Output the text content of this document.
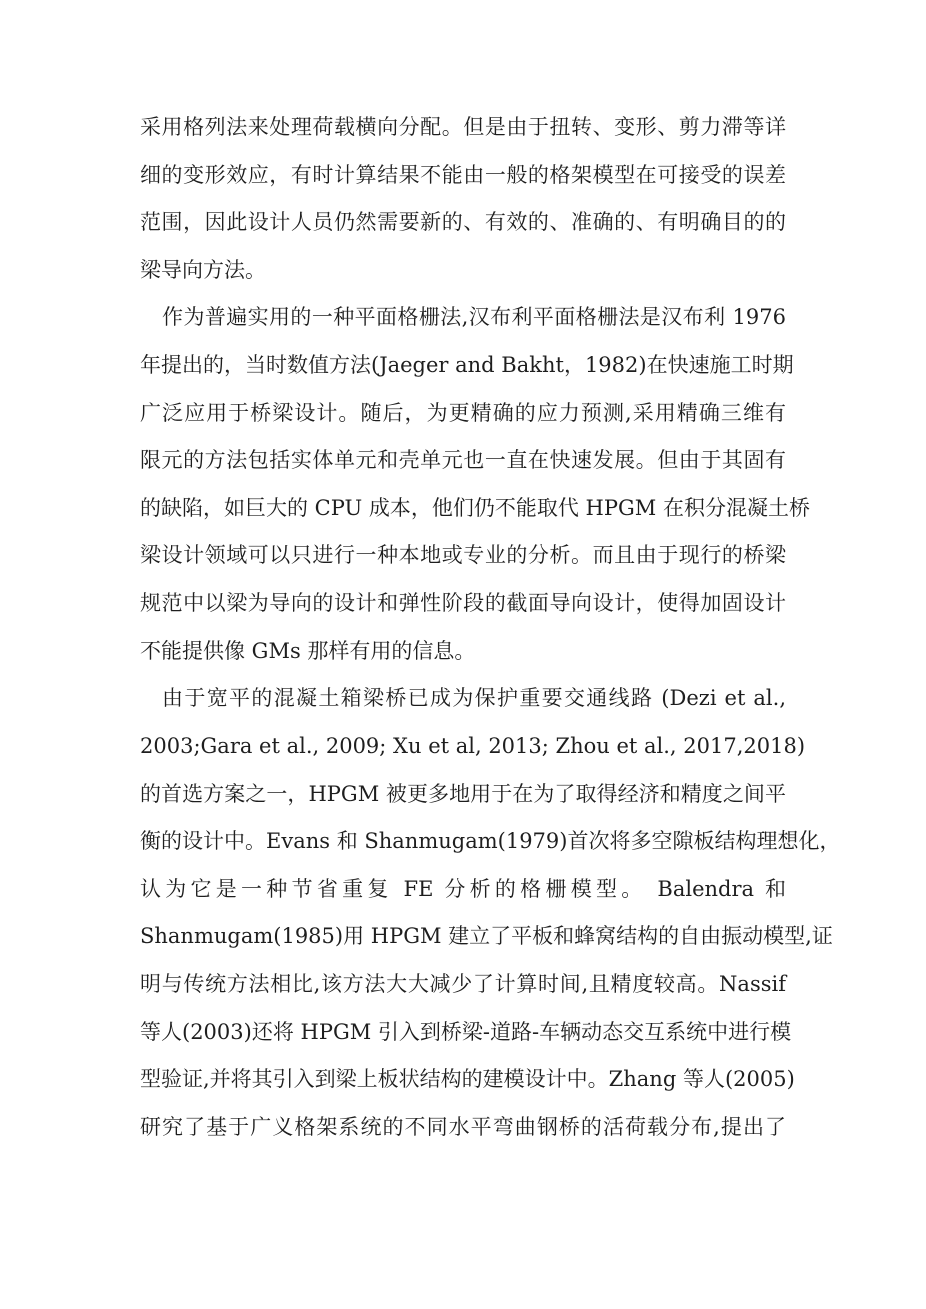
采用格列法来处理荷载横向分配。但是由于扭转、变形、剪力滞等详
细的变形效应，有时计算结果不能由一般的格架模型在可接受的误差
范围，因此设计人员仍然需要新的、有效的、准确的、有明确目的的
梁导向方法。
作为普遍实用的一种平面格栅法,汉布利平面格栅法是汉布利 1976
年提出的，当时数值方法(Jaeger and Bakht，1982)在快速施工时期
广泛应用于桥梁设计。随后，为更精确的应力预测,采用精确三维有
限元的方法包括实体单元和壳单元也一直在快速发展。但由于其固有
的缺陷，如巨大的 CPU 成本，他们仍不能取代 HPGM 在积分混凝土桥
梁设计领域可以只进行一种本地或专业的分析。而且由于现行的桥梁
规范中以梁为导向的设计和弹性阶段的截面导向设计，使得加固设计
不能提供像 GMs 那样有用的信息。
由于宽平的混凝土箱梁桥已成为保护重要交通线路 (Dezi et al.,
2003;Gara et al., 2009; Xu et al, 2013; Zhou et al., 2017,2018)
的首选方案之一，HPGM 被更多地用于在为了取得经济和精度之间平
衡的设计中。Evans 和 Shanmugam(1979)首次将多空隙板结构理想化，
认为它是一种节省重复 FE 分析的格栅模型。 Balendra 和
Shanmugam(1985)用 HPGM 建立了平板和蜂窝结构的自由振动模型,证
明与传统方法相比,该方法大大减少了计算时间,且精度较高。Nassif
等人(2003)还将 HPGM 引入到桥梁-道路-车辆动态交互系统中进行模
型验证,并将其引入到梁上板状结构的建模设计中。Zhang 等人(2005)
研究了基于广义格架系统的不同水平弯曲钢桥的活荷载分布,提出了
